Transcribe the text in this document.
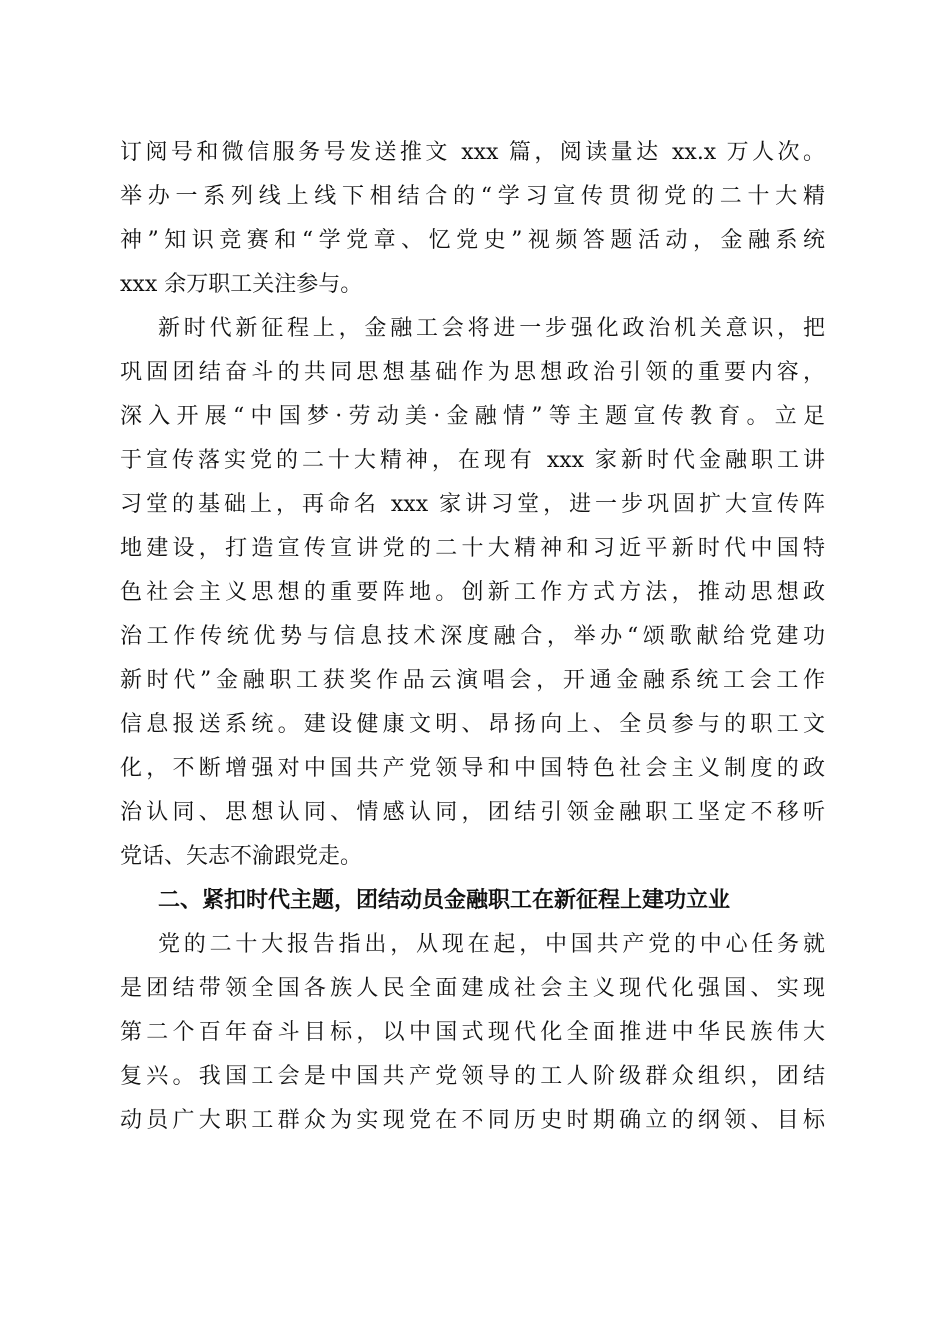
订阅号和微信服务号发送推文 xxx 篇，阅读量达 xx.x 万人次。
举办一系列线上线下相结合的“学习宣传贯彻党的二十大精
神”知识竞赛和“学党章、忆党史”视频答题活动，金融系统
xxx 余万职工关注参与。
新时代新征程上，金融工会将进一步强化政治机关意识，把
巩固团结奋斗的共同思想基础作为思想政治引领的重要内容，
深入开展“中国梦·劳动美·金融情”等主题宣传教育。立足
于宣传落实党的二十大精神，在现有 xxx 家新时代金融职工讲
习堂的基础上，再命名 xxx 家讲习堂，进一步巩固扩大宣传阵
地建设，打造宣传宣讲党的二十大精神和习近平新时代中国特
色社会主义思想的重要阵地。创新工作方式方法，推动思想政
治工作传统优势与信息技术深度融合，举办“颂歌献给党建功
新时代”金融职工获奖作品云演唱会，开通金融系统工会工作
信息报送系统。建设健康文明、昂扬向上、全员参与的职工文
化，不断增强对中国共产党领导和中国特色社会主义制度的政
治认同、思想认同、情感认同，团结引领金融职工坚定不移听
党话、矢志不渝跟党走。
二、紧扣时代主题，团结动员金融职工在新征程上建功立业
党的二十大报告指出，从现在起，中国共产党的中心任务就
是团结带领全国各族人民全面建成社会主义现代化强国、实现
第二个百年奋斗目标，以中国式现代化全面推进中华民族伟大
复兴。我国工会是中国共产党领导的工人阶级群众组织，团结
动员广大职工群众为实现党在不同历史时期确立的纲领、目标
